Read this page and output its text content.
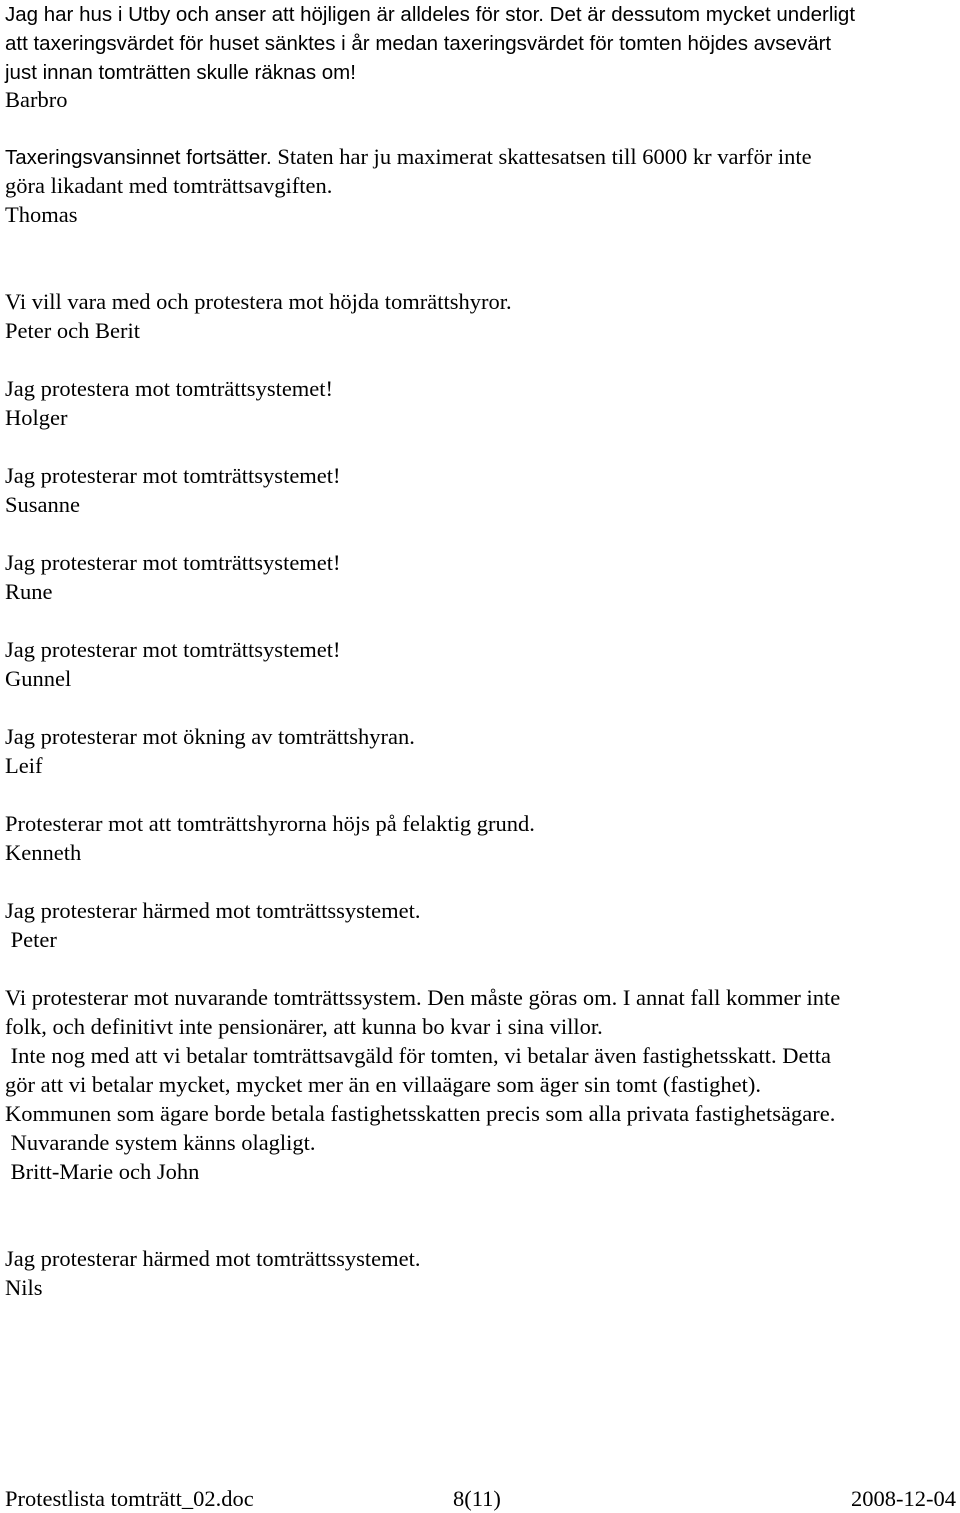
Jag har hus i Utby och anser att höjligen är alldeles för stor. Det är dessutom mycket underligt
att taxeringsvärdet för huset sänktes i år medan taxeringsvärdet för tomten höjdes avsevärt
just innan tomträtten skulle räknas om!
Barbro
Taxeringsvansinnet fortsätter. Staten har ju maximerat skattesatsen till 6000 kr varför inte
göra likadant med tomträttsavgiften.
Thomas
Vi vill vara med och protestera mot höjda tomrättshyror.
Peter och Berit
Jag protestera mot tomträttsystemet!
Holger
Jag protesterar mot tomträttsystemet!
Susanne
Jag protesterar mot tomträttsystemet!
Rune
Jag protesterar mot tomträttsystemet!
Gunnel
Jag protesterar mot ökning av tomträttshyran.
Leif
Protesterar mot att tomträttshyrorna höjs på felaktig grund.
Kenneth
Jag protesterar härmed mot tomträttssystemet.
Peter
Vi protesterar mot nuvarande tomträttssystem. Den måste göras om. I annat fall kommer inte
folk, och definitivt inte pensionärer, att kunna bo kvar i sina villor.
Inte nog med att vi betalar tomträttsavgäld för tomten, vi betalar även fastighetsskatt. Detta
gör att vi betalar mycket, mycket mer än en villaägare som äger sin tomt (fastighet).
Kommunen som ägare borde betala fastighetsskatten precis som alla privata fastighetsägare.
Nuvarande system känns olagligt.
Britt-Marie och John
Jag protesterar härmed mot tomträttssystemet.
Nils
Protestlista tomträtt_02.doc	8(11)	2008-12-04
